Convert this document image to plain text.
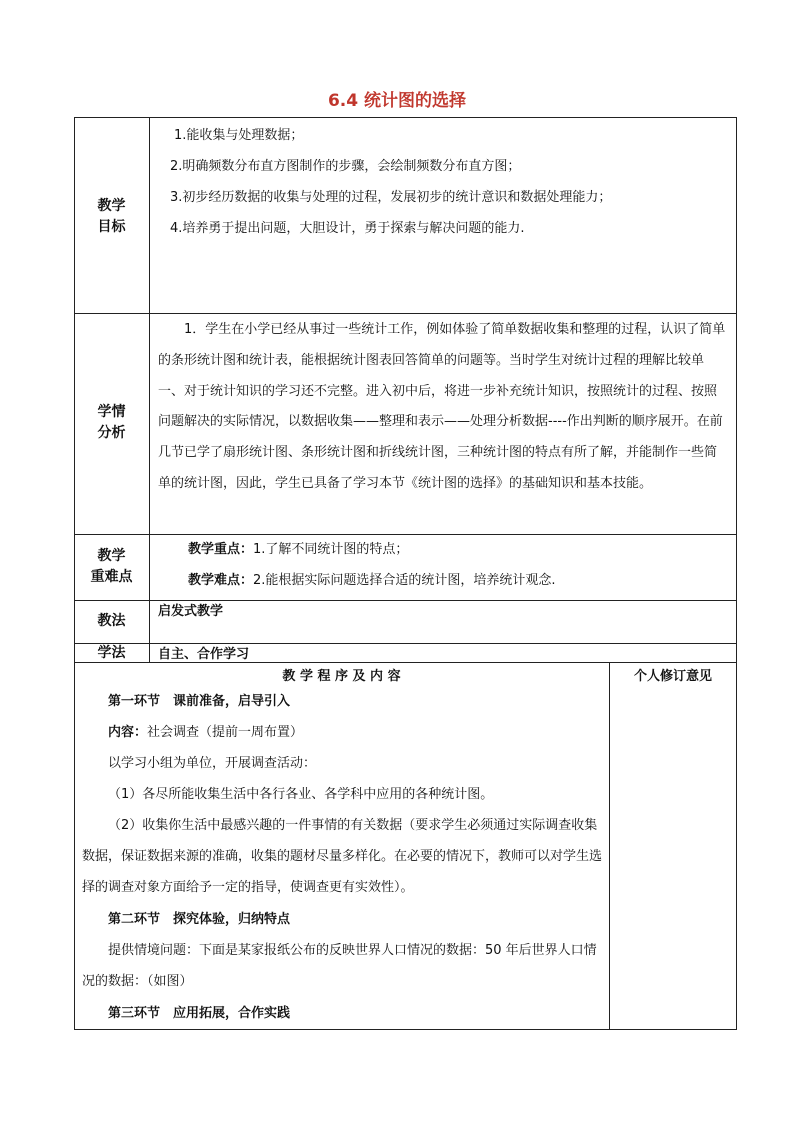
6.4 统计图的选择
教学
目标
1.能收集与处理数据；
2.明确频数分布直方图制作的步骤，会绘制频数分布直方图；
3.初步经历数据的收集与处理的过程，发展初步的统计意识和数据处理能力；
4.培养勇于提出问题，大胆设计，勇于探索与解决问题的能力.
学情
分析
1．学生在小学已经从事过一些统计工作，例如体验了简单数据收集和整理的过程，认识了简单的条形统计图和统计表，能根据统计图表回答简单的问题等。当时学生对统计过程的理解比较单一、对于统计知识的学习还不完整。进入初中后，将进一步补充统计知识，按照统计的过程、按照问题解决的实际情况，以数据收集——整理和表示——处理分析数据----作出判断的顺序展开。在前几节已学了扇形统计图、条形统计图和折线统计图，三种统计图的特点有所了解，并能制作一些简单的统计图，因此，学生已具备了学习本节《统计图的选择》的基础知识和基本技能。
教学
重难点
教学重点：1.了解不同统计图的特点；
教学难点：2.能根据实际问题选择合适的统计图，培养统计观念.
教法
启发式教学
学法	自主、合作学习
教 学 程 序 及 内 容	个人修订意见
第一环节　课前准备，启导引入
内容：社会调查（提前一周布置）
以学习小组为单位，开展调查活动：
（1）各尽所能收集生活中各行各业、各学科中应用的各种统计图。
（2）收集你生活中最感兴趣的一件事情的有关数据（要求学生必须通过实际调查收集数据，保证数据来源的准确，收集的题材尽量多样化。在必要的情况下，教师可以对学生选择的调查对象方面给予一定的指导，使调查更有实效性）。
第二环节　探究体验，归纳特点
提供情境问题：下面是某家报纸公布的反映世界人口情况的数据：50 年后世界人口情况的数据：（如图）
第三环节　应用拓展，合作实践
